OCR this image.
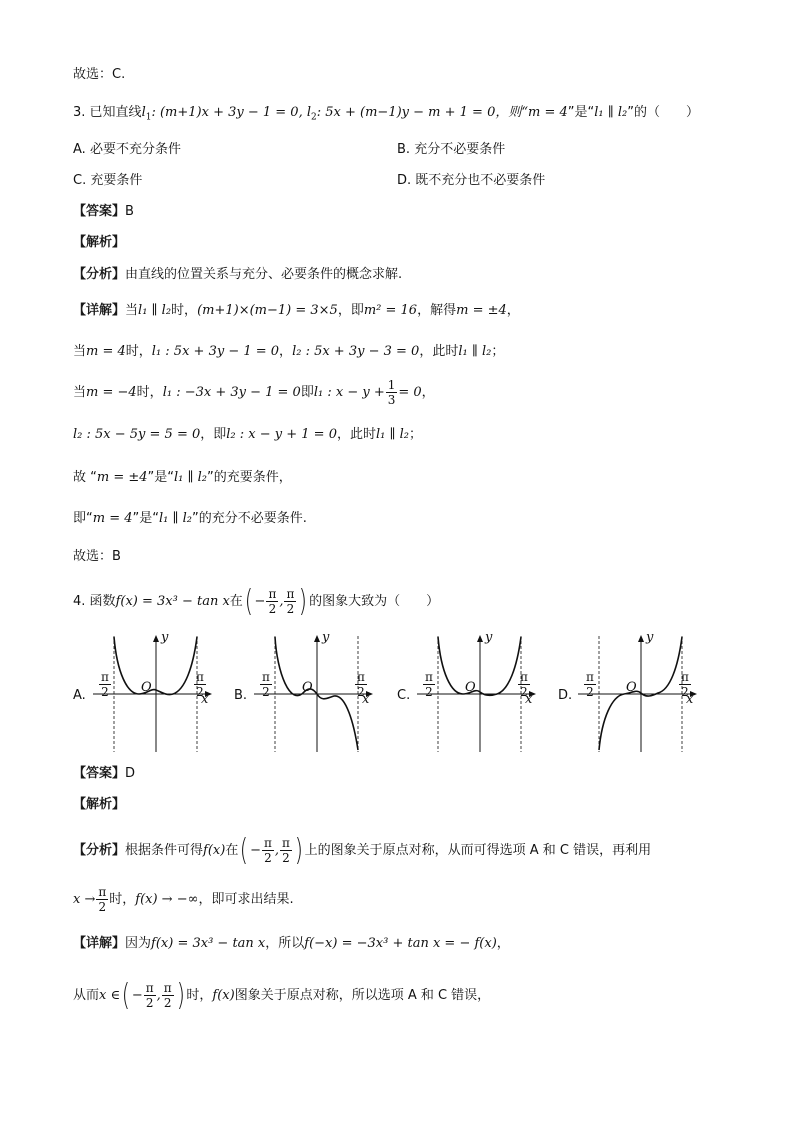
故选：C.
3. 已知直线$l_1$: (m+1)x + 3y − 1 = 0, $l_2$: 5x + (m−1)y − m + 1 = 0，则“m = 4”是“l₁ ∥ l₂”的（　　）
A. 必要不充分条件	B. 充分不必要条件
C. 充要条件	D. 既不充分也不必要条件
【答案】B
【解析】
【分析】由直线的位置关系与充分、必要条件的概念求解.
【详解】当l₁ ∥ l₂时，(m+1)×(m−1) = 3×5，即m² = 16，解得m = ±4，
当m = 4时，l₁ : 5x + 3y − 1 = 0，l₂ : 5x + 3y − 3 = 0，此时l₁ ∥ l₂；
当m = −4时，l₁ : −3x + 3y − 1 = 0即l₁ : $x - y + \frac{1}{3} = 0$，
l₂ : 5x − 5y = 5 = 0，即l₂ : x − y + 1 = 0，此时l₁ ∥ l₂；
故 “m = ±4”是“l₁ ∥ l₂”的充要条件，
即“m = 4”是“l₁ ∥ l₂”的充分不必要条件.
故选：B
4. 函数f(x) = 3x³ − tan x在( − $\frac{\pi}{2}$ , $\frac{\pi}{2}$ ) 的图象大致为（　　）
A.
y
x
O
$\frac{\pi}{2}$	$\frac{\pi}{2} B$.
y
x
O
$\frac{\pi}{2}$	$\frac{\pi}{2} C$.
y
x
O
$\frac{\pi}{2}$	$\frac{\pi}{2} D$.
y
x
O
$\frac{\pi}{2}$	$\frac{\pi}{2}$
【答案】D
【解析】
【分析】根据条件可得f(x)在( − $\frac{\pi}{2}$ , $\frac{\pi}{2}$ ) 上的图象关于原点对称，从而可得选项 A 和 C 错误，再利用
$x \to \frac{\pi}{2}$ 时，f(x) → −∞，即可求出结果.
【详解】因为f(x) = 3x³ − tan x，所以f(−x) = −3x³ + tan x = − f(x)，
从而x ∈( − $\frac{\pi}{2}$ , $\frac{\pi}{2}$ ) 时，f(x)图象关于原点对称，所以选项 A 和 C 错误，
